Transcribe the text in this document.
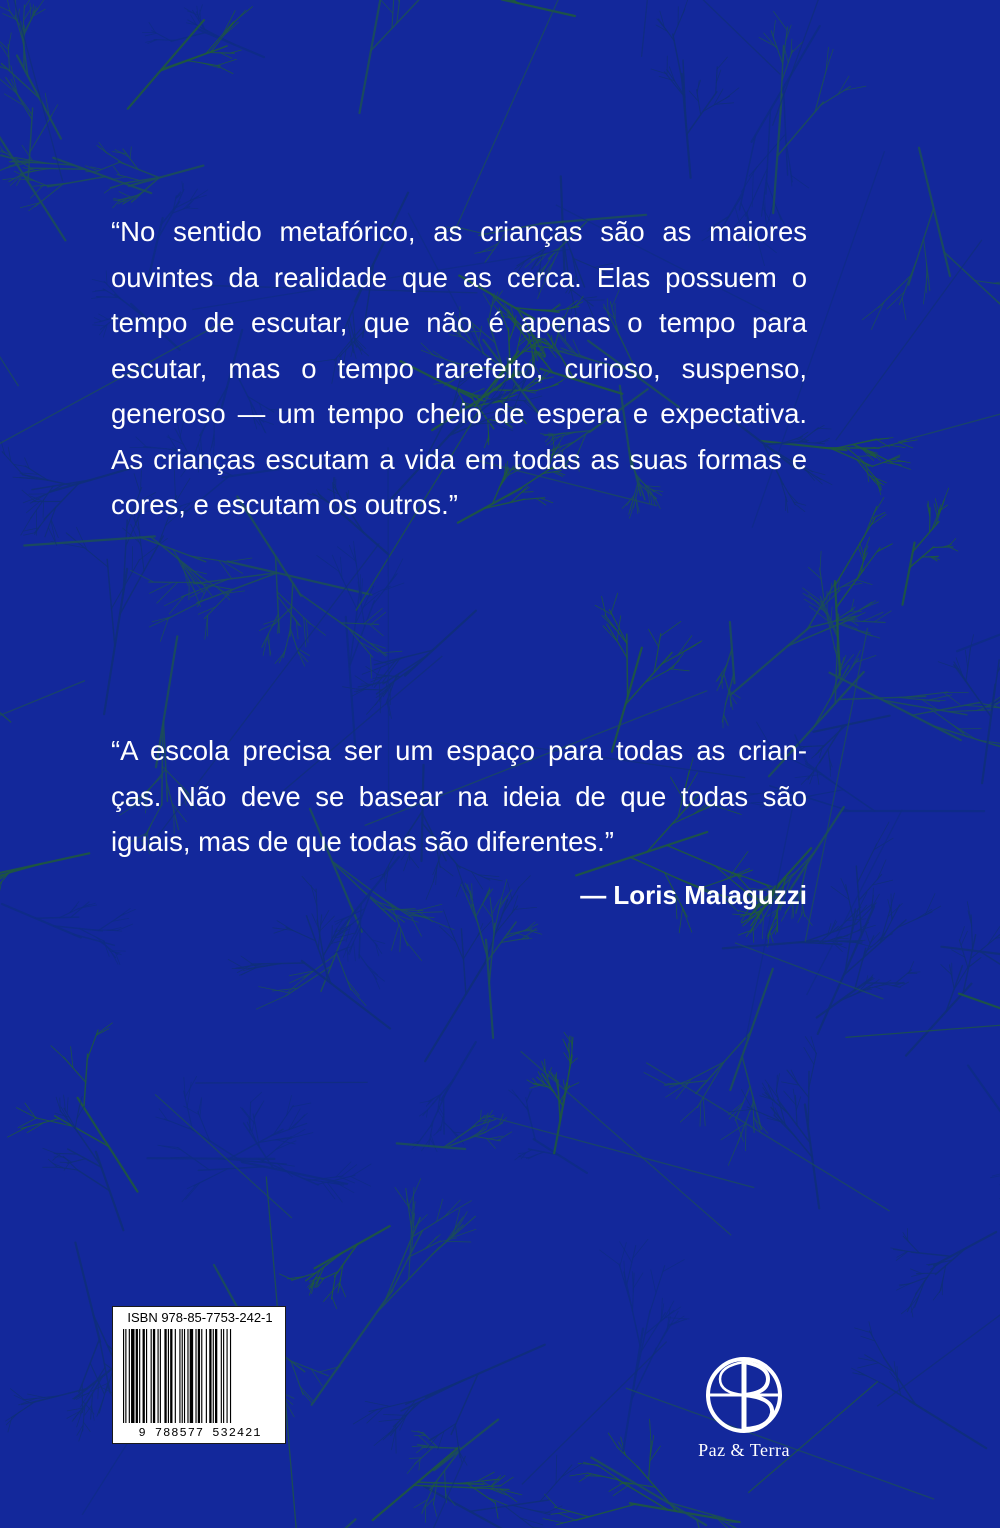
“No sentido metafórico, as crianças são as maiores
ouvintes da realidade que as cerca. Elas possuem o
tempo de escutar, que não é apenas o tempo para
escutar, mas o tempo rarefeito, curioso, suspenso,
generoso — um tempo cheio de espera e expectativa.
As crianças escutam a vida em todas as suas formas e
cores, e escutam os outros.”
“A escola precisa ser um espaço para todas as crian-
ças. Não deve se basear na ideia de que todas são
iguais, mas de que todas são diferentes.”
— Loris Malaguzzi
ISBN 978-85-7753-242-1
9 788577 532421
Paz & Terra
